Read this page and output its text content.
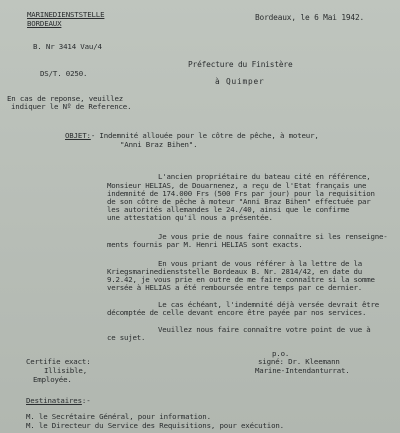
MARINEDIENSTSTELLE
BORDEAUX
Bordeaux, le 6 Mai 1942.
B. Nr 3414 Vau/4
DS/T. 0250.
Préfecture du Finistère
à Quimper
En cas de reponse, veuillez
indiquer le Nº de Reference.
OBJET:- Indemnité allouée pour le côtre de pêche, à moteur,
"Anni Braz Bihen".
L'ancien propriétaire du bateau cité en référence,
Monsieur HELIAS, de Douarnenez, a reçu de l'Etat français une
indemnité de 174.000 Frs (500 Frs par jour) pour la requisition
de son côtre de pêche à moteur "Anni Braz Bihen" effectuée par
les autorités allemandes le 24./40, ainsi que le confirme
une attestation qu'il nous a présentée.
Je vous prie de nous faire connaître si les renseigne-
ments fournis par M. Henri HELIAS sont exacts.
En vous priant de vous référer à la lettre de la
Kriegsmarinedienststelle Bordeaux B. Nr. 2814/42, en date du
9.2.42, je vous prie en outre de me faire connaître si la somme
versée à HELIAS a été remboursée entre temps par ce dernier.
Le cas échéant, l'indemnité déjà versée devrait être
décomptée de celle devant encore être payée par nos services.
Veuillez nous faire connaître votre point de vue à
ce sujet.
p.o.
signé: Dr. Kleemann
Marine-Intendanturrat.
Certifie exact:
Illisible,
Employée.
Destinataires:-
M. le Secrétaire Général, pour information.
M. le Directeur du Service des Requisitions, pour exécution.
